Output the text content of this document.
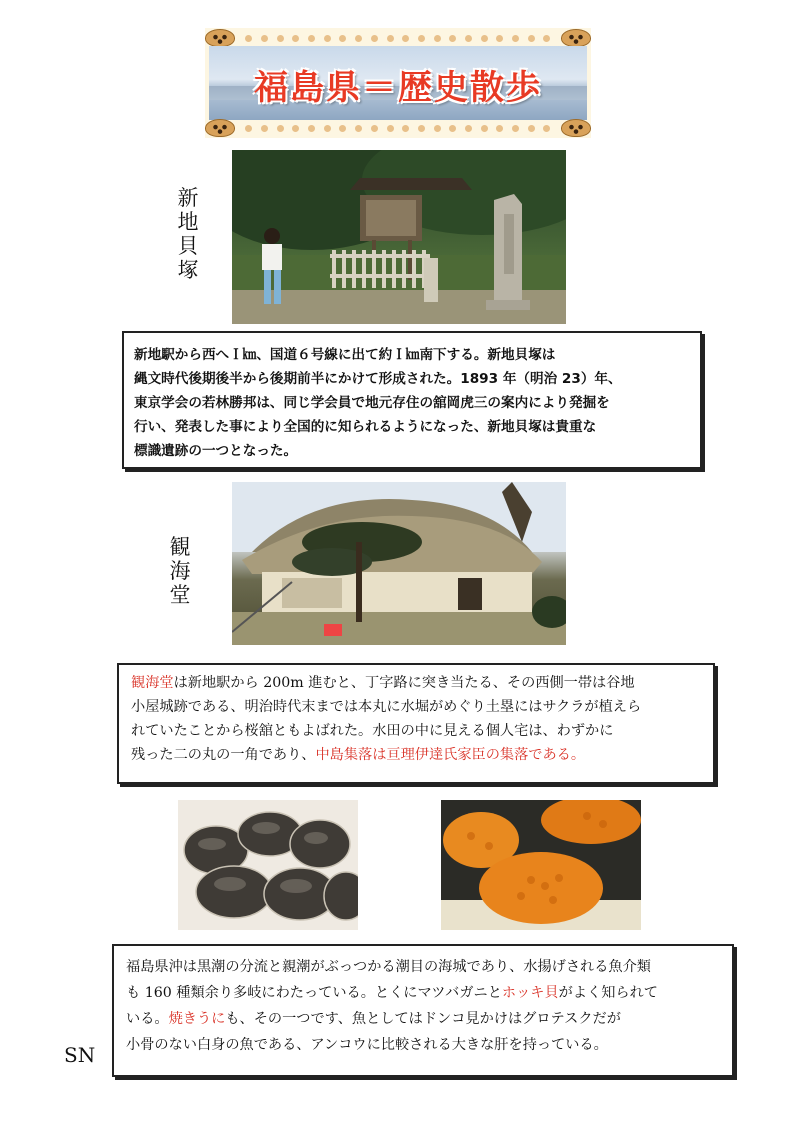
福島県＝歴史散歩
新地貝塚
新地駅から西へＩ㎞、国道６号線に出て約Ｉ㎞南下する。新地貝塚は
縄文時代後期後半から後期前半にかけて形成された。1893 年（明治 23）年、
東京学会の若林勝邦は、同じ学会員で地元存住の舘岡虎三の案内により発掘を
行い、発表した事により全国的に知られるようになった、新地貝塚は貴重な
標識遺跡の一つとなった。
観海堂
観海堂は新地駅から 200m 進むと、丁字路に突き当たる、その西側一帯は谷地
小屋城跡である、明治時代末までは本丸に水堀がめぐり土塁にはサクラが植えら
れていたことから桜舘ともよばれた。水田の中に見える個人宅は、わずかに
残った二の丸の一角であり、中島集落は亘理伊達氏家臣の集落である。
福島県沖は黒潮の分流と親潮がぶっつかる潮目の海城であり、水揚げされる魚介類
も 160 種類余り多岐にわたっている。とくにマツバガニとホッキ貝がよく知られて
いる。焼きうにも、その一つです、魚としてはドンコ見かけはグロテスクだが
小骨のない白身の魚である、アンコウに比較される大きな肝を持っている。
SN
